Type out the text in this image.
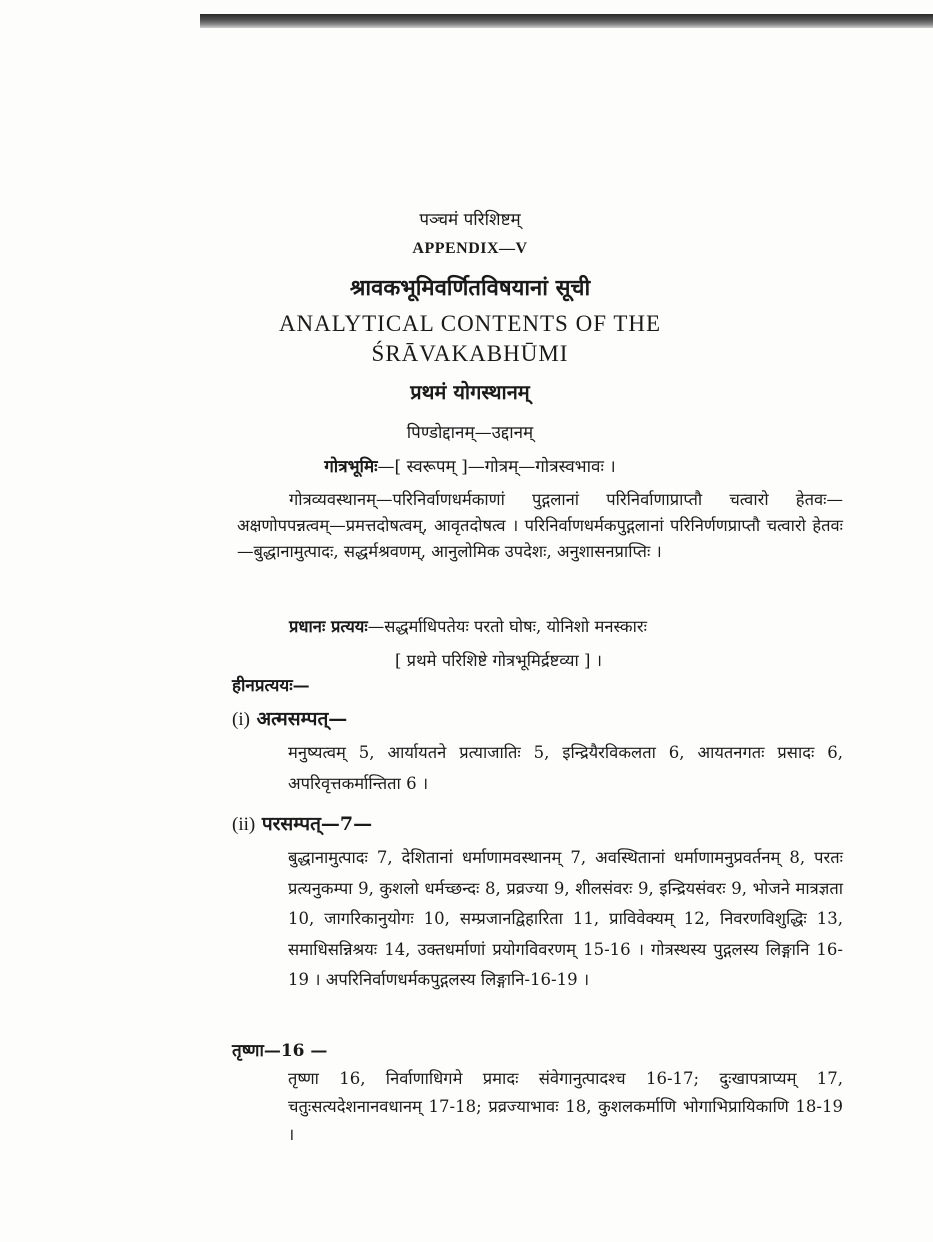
पञ्चमं परिशिष्टम्
APPENDIX—V
श्रावकभूमिवर्णितविषयानां सूची
ANALYTICAL CONTENTS OF THE
ŚRĀVAKABHŪMI
प्रथमं योगस्थानम्
पिण्डोद्दानम्—उद्दानम्
गोत्रभूमिः—[ स्वरूपम् ]—गोत्रम्—गोत्रस्वभावः ।
गोत्रव्यवस्थानम्—परिनिर्वाणधर्मकाणां पुद्गलानां परिनिर्वाणाप्राप्तौ चत्वारो हेतवः—अक्षणोपपन्नत्वम्—प्रमत्तदोषत्वम्, आवृतदोषत्व । परिनिर्वाणधर्मकपुद्गलानां परिनिर्णणप्राप्तौ चत्वारो हेतवः—बुद्धानामुत्पादः, सद्धर्मश्रवणम्, आनुलोमिक उपदेशः, अनुशासनप्राप्तिः ।
प्रधानः प्रत्ययः—सद्धर्माधिपतेयः परतो घोषः, योनिशो मनस्कारः
[ प्रथमे परिशिष्टे गोत्रभूमिर्द्रष्टव्या ] ।
हीनप्रत्ययः—
(i) अत्मसम्पत्—
मनुष्यत्वम् 5, आर्यायतने प्रत्याजातिः 5, इन्द्रियैरविकलता 6, आयतनगतः प्रसादः 6, अपरिवृत्तकर्मान्तिता 6 ।
(ii) परसम्पत्—7—
बुद्धानामुत्पादः 7, देशितानां धर्माणामवस्थानम् 7, अवस्थितानां धर्माणामनुप्रवर्तनम् 8, परतः प्रत्यनुकम्पा 9, कुशलो धर्मच्छन्दः 8, प्रव्रज्या 9, शीलसंवरः 9, इन्द्रियसंवरः 9, भोजने मात्रज्ञता 10, जागरिकानुयोगः 10, सम्प्रजानद्विहारिता 11, प्राविवेक्यम् 12, निवरणविशुद्धिः 13, समाधिसन्निश्रयः 14, उक्तधर्माणां प्रयोगविवरणम् 15-16 । गोत्रस्थस्य पुद्गलस्य लिङ्गानि 16-19 । अपरिनिर्वाणधर्मकपुद्गलस्य लिङ्गानि-16-19 ।
तृष्णा—16 —
तृष्णा 16, निर्वाणाधिगमे प्रमादः संवेगानुत्पादश्च 16-17; दुःखापत्राप्यम् 17, चतुःसत्यदेशनानवधानम् 17-18; प्रव्रज्याभावः 18, कुशलकर्माणि भोगाभिप्रायिकाणि 18-19 ।
